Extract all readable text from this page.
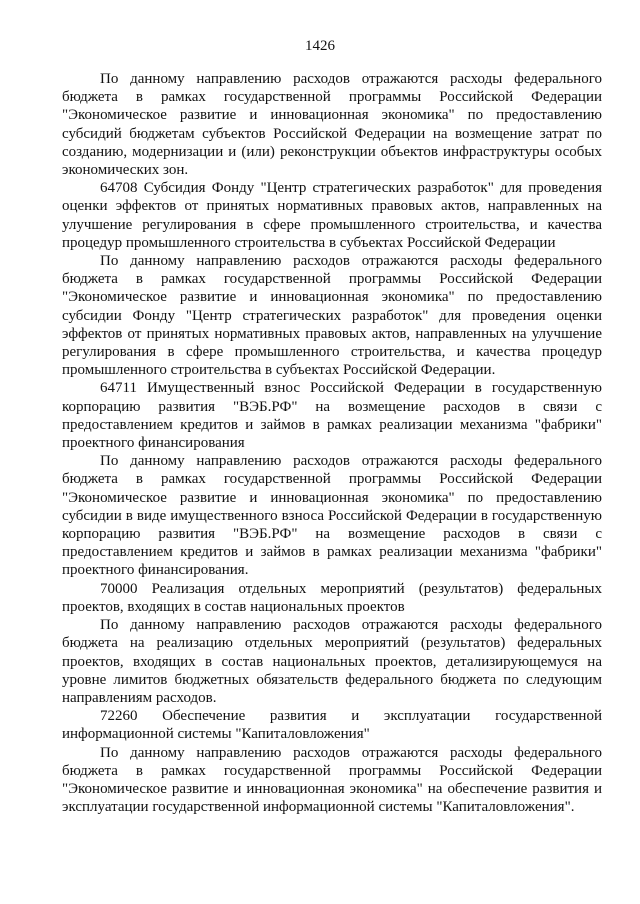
1426

По данному направлению расходов отражаются расходы федерального бюджета в рамках государственной программы Российской Федерации "Экономическое развитие и инновационная экономика" по предоставлению субсидий бюджетам субъектов Российской Федерации на возмещение затрат по созданию, модернизации и (или) реконструкции объектов инфраструктуры особых экономических зон.

64708 Субсидия Фонду "Центр стратегических разработок" для проведения оценки эффектов от принятых нормативных правовых актов, направленных на улучшение регулирования в сфере промышленного строительства, и качества процедур промышленного строительства в субъектах Российской Федерации

По данному направлению расходов отражаются расходы федерального бюджета в рамках государственной программы Российской Федерации "Экономическое развитие и инновационная экономика" по предоставлению субсидии Фонду "Центр стратегических разработок" для проведения оценки эффектов от принятых нормативных правовых актов, направленных на улучшение регулирования в сфере промышленного строительства, и качества процедур промышленного строительства в субъектах Российской Федерации.

64711 Имущественный взнос Российской Федерации в государственную корпорацию развития "ВЭБ.РФ" на возмещение расходов в связи с предоставлением кредитов и займов в рамках реализации механизма "фабрики" проектного финансирования

По данному направлению расходов отражаются расходы федерального бюджета в рамках государственной программы Российской Федерации "Экономическое развитие и инновационная экономика" по предоставлению субсидии в виде имущественного взноса Российской Федерации в государственную корпорацию развития "ВЭБ.РФ" на возмещение расходов в связи с предоставлением кредитов и займов в рамках реализации механизма "фабрики" проектного финансирования.

70000 Реализация отдельных мероприятий (результатов) федеральных проектов, входящих в состав национальных проектов

По данному направлению расходов отражаются расходы федерального бюджета на реализацию отдельных мероприятий (результатов) федеральных проектов, входящих в состав национальных проектов, детализирующемуся на уровне лимитов бюджетных обязательств федерального бюджета по следующим направлениям расходов.

72260 Обеспечение развития и эксплуатации государственной информационной системы "Капиталовложения"

По данному направлению расходов отражаются расходы федерального бюджета в рамках государственной программы Российской Федерации "Экономическое развитие и инновационная экономика" на обеспечение развития и эксплуатации государственной информационной системы "Капиталовложения".
